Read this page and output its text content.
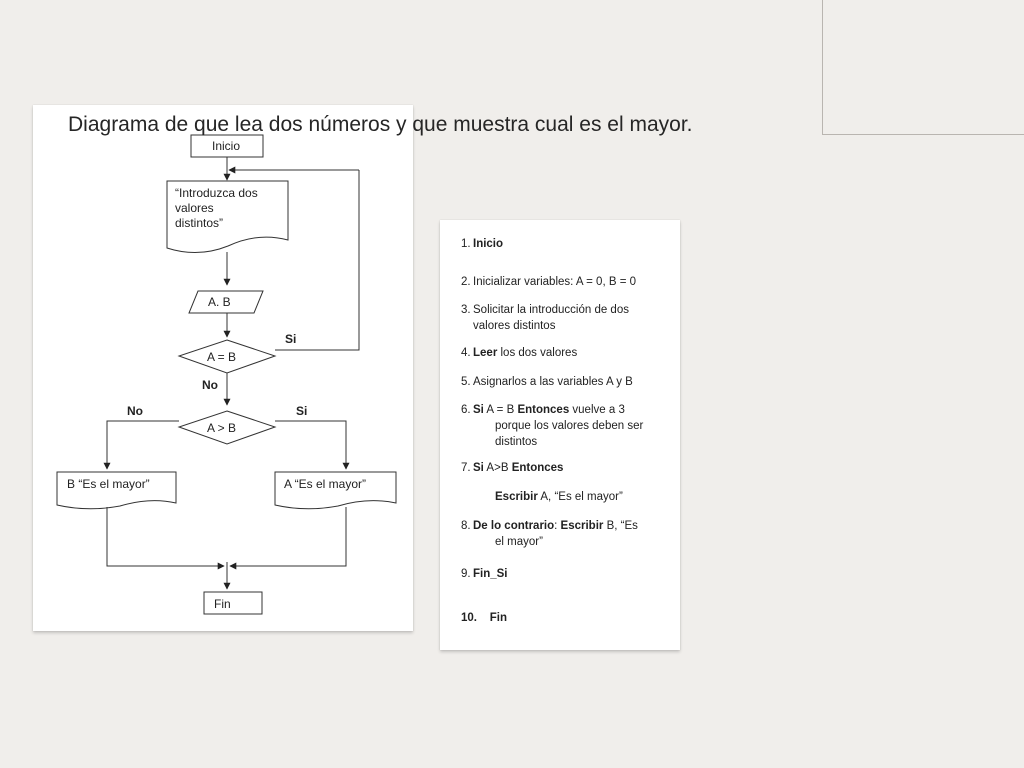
Inicio
“Introduzca dos
valores
distintos”
A. B
A = B
Si
No
A > B
No	Si
B “Es el mayor”	A “Es el mayor”
Fin
Diagrama de que lea dos números y que muestra cual es el mayor.
1. Inicio
2. Inicializar variables: A = 0, B = 0
3. Solicitar la introducción de dos
valores distintos
4. Leer los dos valores
5. Asignarlos a las variables A y B
6. Si A = B Entonces vuelve a 3
porque los valores deben ser
distintos
7. Si A>B Entonces
Escribir A, “Es el mayor”
8. De lo contrario: Escribir B, “Es
el mayor”
9. Fin_Si
10. Fin
